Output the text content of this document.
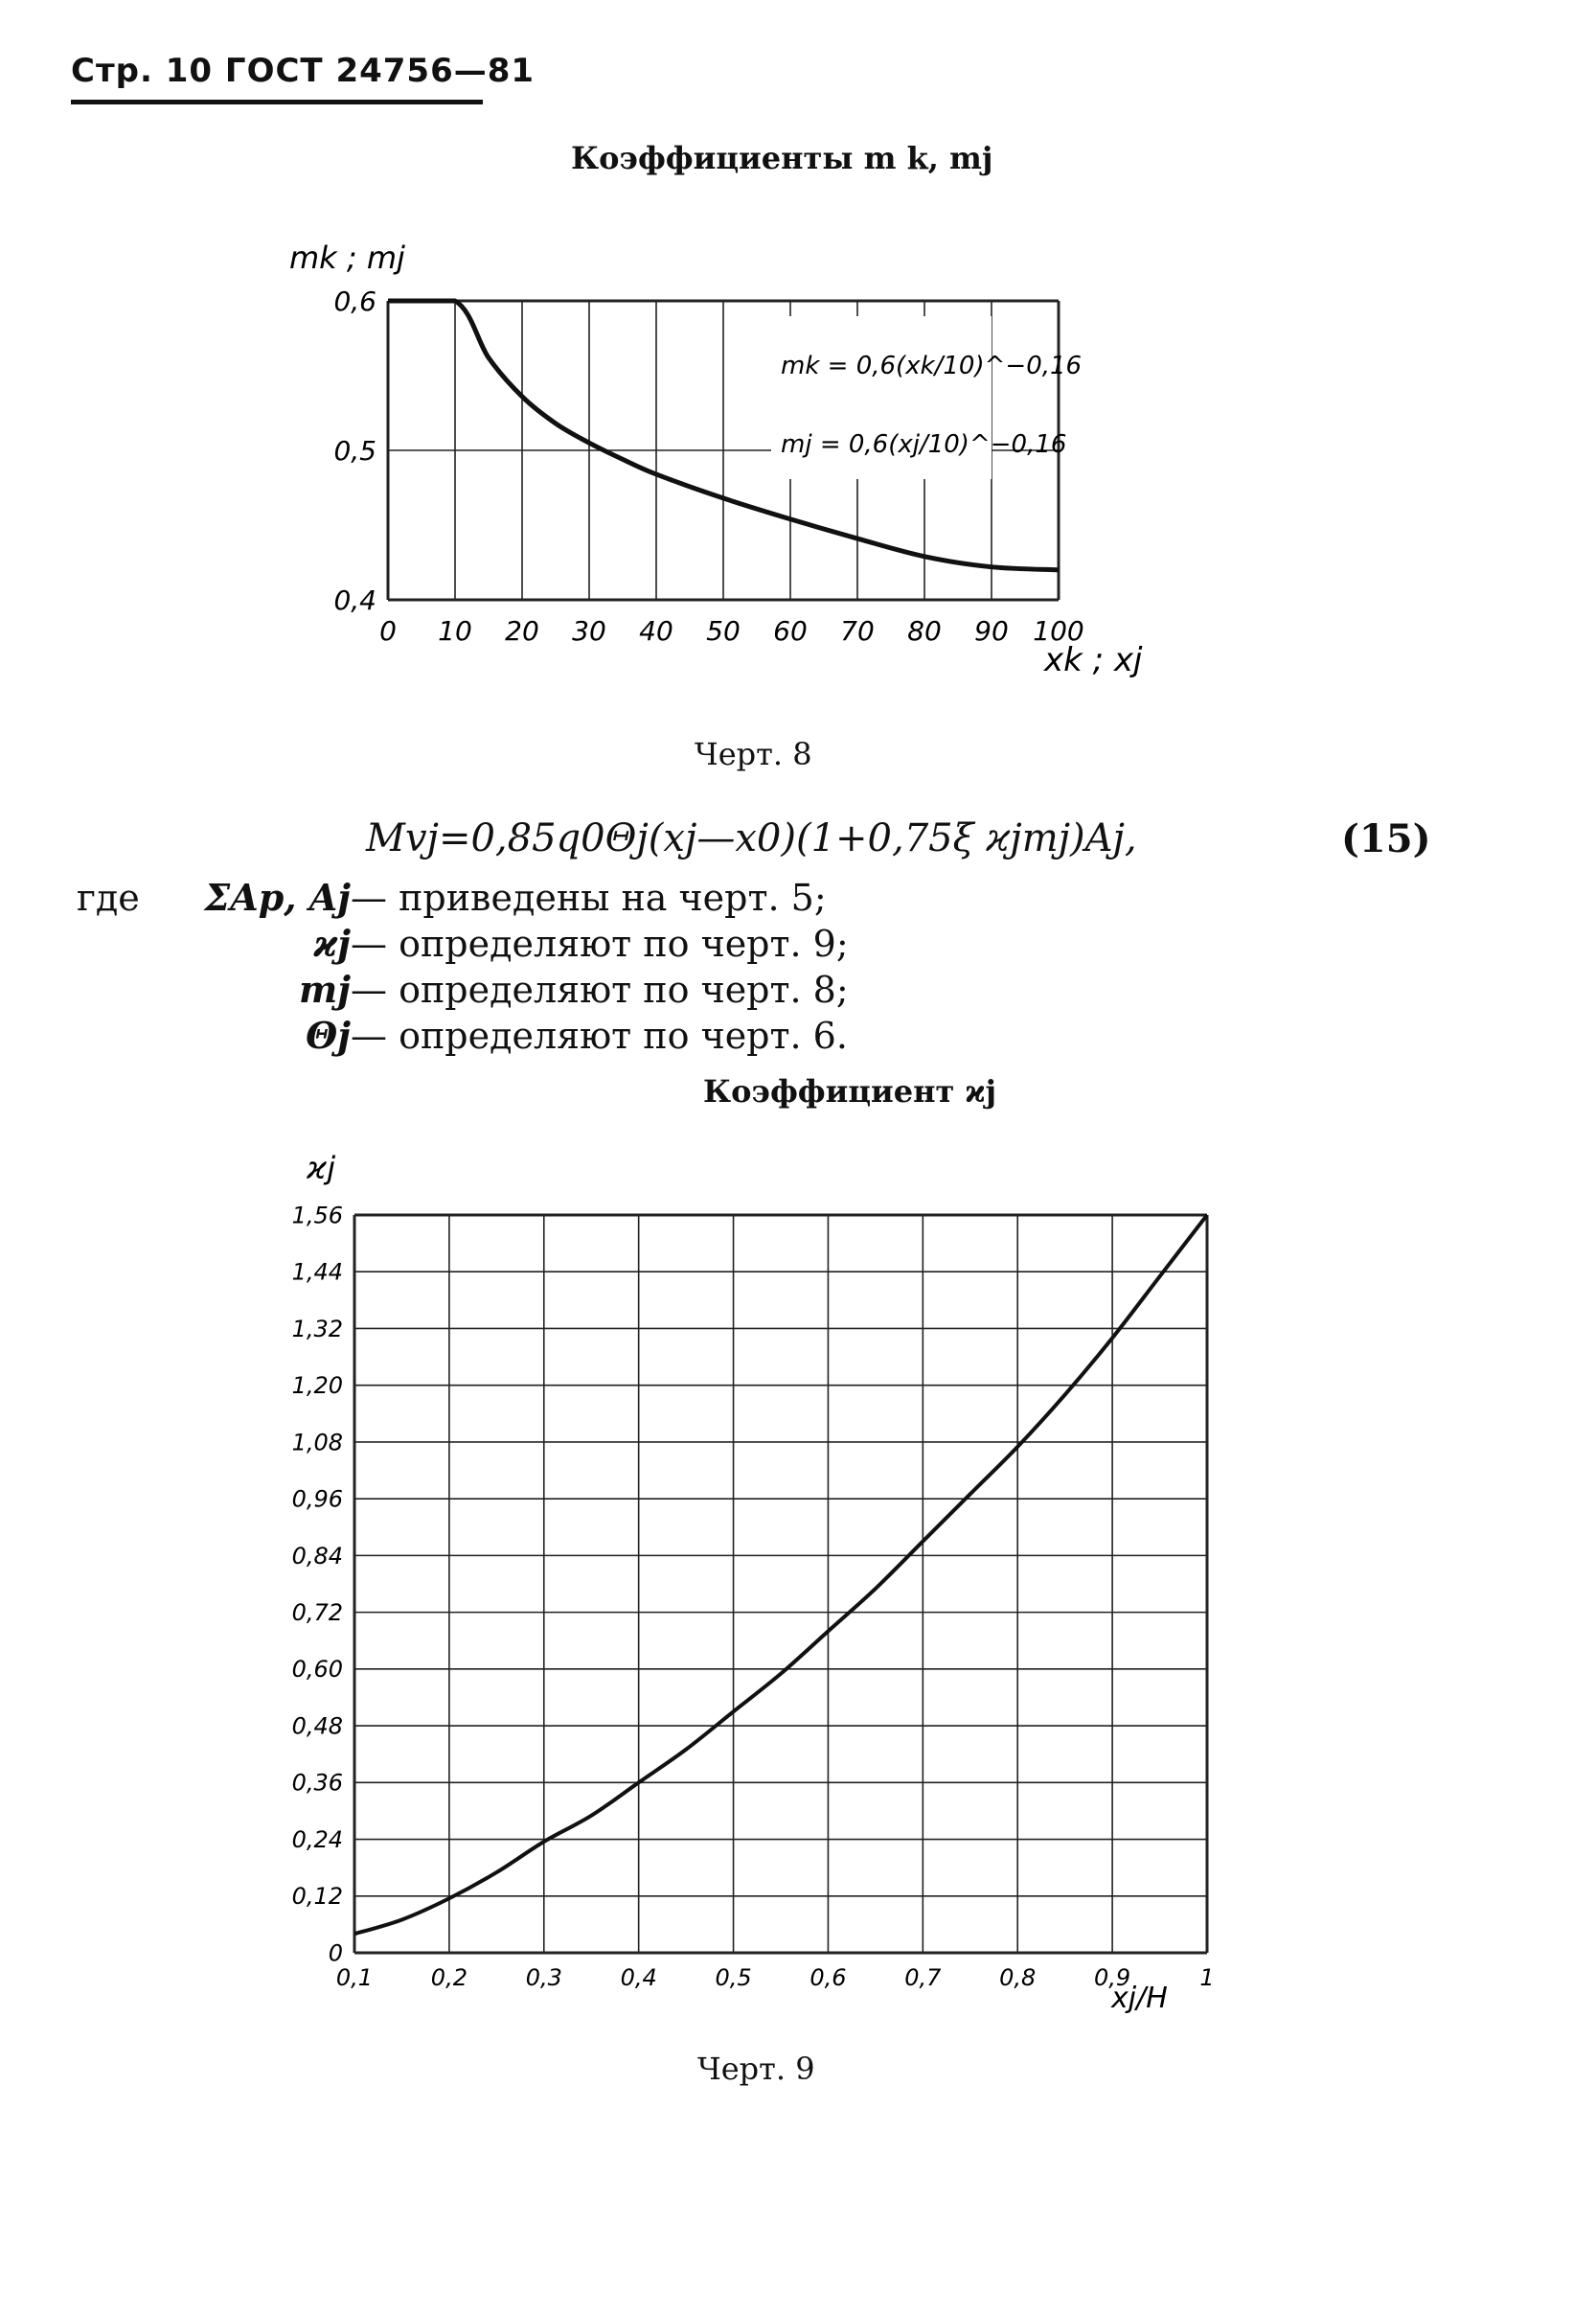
Стр. 10 ГОСТ 24756—81
Коэффициенты m k, mj
mk ; mj
xk ; xj
0 10 20 30 40 50 60 70 80 90 100
0,4
0,5
0,6
mk = 0,6(xk/10)^−0,16
mj = 0,6(xj/10)^−0,16
Черт. 8
Mvj=0,85q0Θj(xj—x0)(1+0,75ξ ϰjmj)Aj,	(15)
где ΣAp, Aj— приведены на черт. 5;
ϰj— определяют по черт. 9;
mj— определяют по черт. 8;
Θj— определяют по черт. 6.
Коэффициент ϰj
ϰj
xj/H
0,1	0,2	0,3	0,4	0,5	0,6	0,7	0,8	0,9	1
0
0,12
0,24
0,36
0,48
0,60
0,72
0,84
0,96
1,08
1,20
1,32
1,44
1,56
Черт. 9
